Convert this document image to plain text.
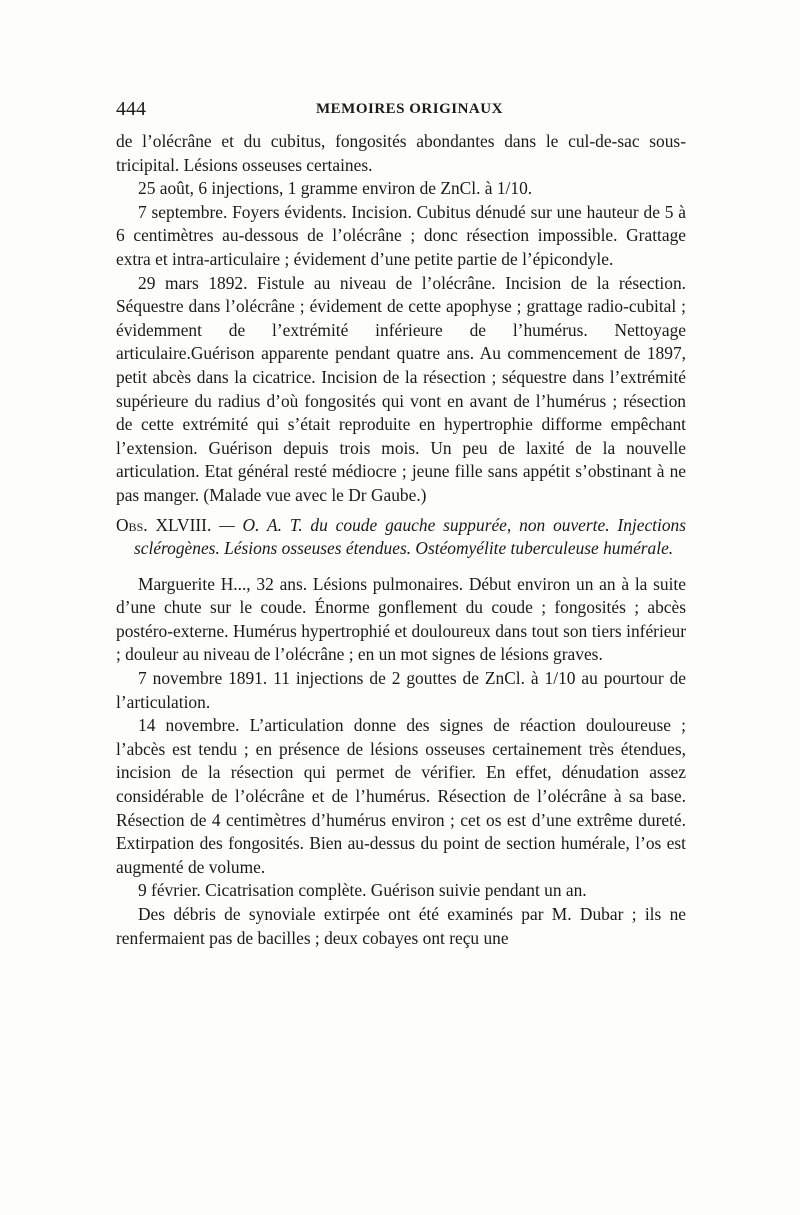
444	MEMOIRES ORIGINAUX

de l’olécrâne et du cubitus, fongosités abondantes dans le cul-de-sac sous-tricipital. Lésions osseuses certaines.

25 août, 6 injections, 1 gramme environ de ZnCl. à 1/10.

7 septembre. Foyers évidents. Incision. Cubitus dénudé sur une hauteur de 5 à 6 centimètres au-dessous de l’olécrâne ; donc résection impossible. Grattage extra et intra-articulaire ; évidement d’une petite partie de l’épicondyle.

29 mars 1892. Fistule au niveau de l’olécrâne. Incision de la résection. Séquestre dans l’olécrâne ; évidement de cette apophyse ; grattage radio-cubital ; évidemment de l’extrémité inférieure de l’humérus. Nettoyage articulaire.Guérison apparente pendant quatre ans. Au commencement de 1897, petit abcès dans la cicatrice. Incision de la résection ; séquestre dans l’extrémité supérieure du radius d’où fongosités qui vont en avant de l’humérus ; résection de cette extrémité qui s’était reproduite en hypertrophie difforme empêchant l’extension. Guérison depuis trois mois. Un peu de laxité de la nouvelle articulation. Etat général resté médiocre ; jeune fille sans appétit s’obstinant à ne pas manger. (Malade vue avec le Dr Gaube.)

Obs. XLVIII. — O. A. T. du coude gauche suppurée, non ouverte. Injections sclérogènes. Lésions osseuses étendues. Ostéomyélite tuberculeuse humérale.

Marguerite H..., 32 ans. Lésions pulmonaires. Début environ un an à la suite d’une chute sur le coude. Énorme gonflement du coude ; fongosités ; abcès postéro-externe. Humérus hypertrophié et douloureux dans tout son tiers inférieur ; douleur au niveau de l’olécrâne ; en un mot signes de lésions graves.

7 novembre 1891. 11 injections de 2 gouttes de ZnCl. à 1/10 au pourtour de l’articulation.

14 novembre. L’articulation donne des signes de réaction douloureuse ; l’abcès est tendu ; en présence de lésions osseuses certainement très étendues, incision de la résection qui permet de vérifier. En effet, dénudation assez considérable de l’olécrâne et de l’humérus. Résection de l’olécrâne à sa base. Résection de 4 centimètres d’humérus environ ; cet os est d’une extrême dureté. Extirpation des fongosités. Bien au-dessus du point de section humérale, l’os est augmenté de volume.

9 février. Cicatrisation complète. Guérison suivie pendant un an.

Des débris de synoviale extirpée ont été examinés par M. Dubar ; ils ne renfermaient pas de bacilles ; deux cobayes ont reçu une
